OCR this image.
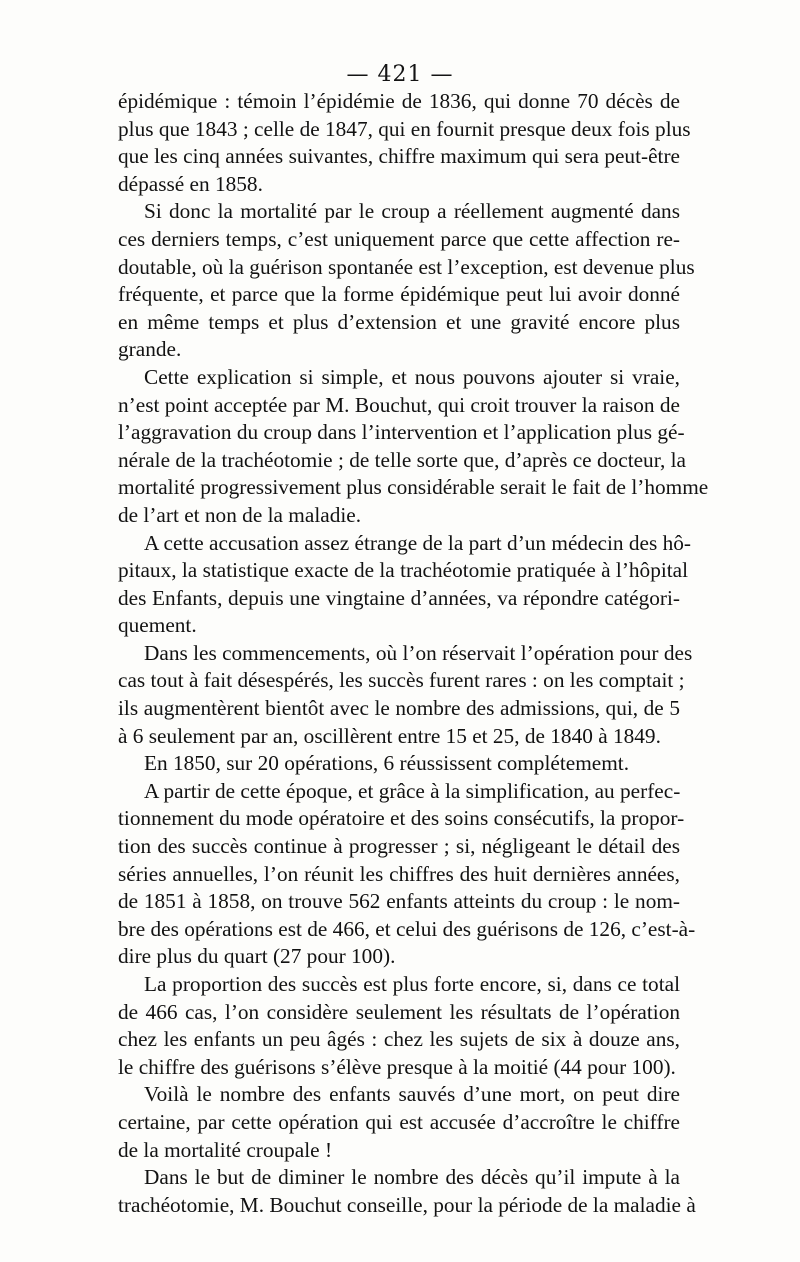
— 421 —
épidémique : témoin l’épidémie de 1836, qui donne 70 décès de
plus que 1843 ; celle de 1847, qui en fournit presque deux fois plus
que les cinq années suivantes, chiffre maximum qui sera peut-être
dépassé en 1858.
Si donc la mortalité par le croup a réellement augmenté dans
ces derniers temps, c’est uniquement parce que cette affection re-
doutable, où la guérison spontanée est l’exception, est devenue plus
fréquente, et parce que la forme épidémique peut lui avoir donné
en même temps et plus d’extension et une gravité encore plus
grande.
Cette explication si simple, et nous pouvons ajouter si vraie,
n’est point acceptée par M. Bouchut, qui croit trouver la raison de
l’aggravation du croup dans l’intervention et l’application plus gé-
nérale de la trachéotomie ; de telle sorte que, d’après ce docteur, la
mortalité progressivement plus considérable serait le fait de l’homme
de l’art et non de la maladie.
A cette accusation assez étrange de la part d’un médecin des hô-
pitaux, la statistique exacte de la trachéotomie pratiquée à l’hôpital
des Enfants, depuis une vingtaine d’années, va répondre catégori-
quement.
Dans les commencements, où l’on réservait l’opération pour des
cas tout à fait désespérés, les succès furent rares : on les comptait ;
ils augmentèrent bientôt avec le nombre des admissions, qui, de 5
à 6 seulement par an, oscillèrent entre 15 et 25, de 1840 à 1849.
En 1850, sur 20 opérations, 6 réussissent complétememt.
A partir de cette époque, et grâce à la simplification, au perfec-
tionnement du mode opératoire et des soins consécutifs, la propor-
tion des succès continue à progresser ; si, négligeant le détail des
séries annuelles, l’on réunit les chiffres des huit dernières années,
de 1851 à 1858, on trouve 562 enfants atteints du croup : le nom-
bre des opérations est de 466, et celui des guérisons de 126, c’est-à-
dire plus du quart (27 pour 100).
La proportion des succès est plus forte encore, si, dans ce total
de 466 cas, l’on considère seulement les résultats de l’opération
chez les enfants un peu âgés : chez les sujets de six à douze ans,
le chiffre des guérisons s’élève presque à la moitié (44 pour 100).
Voilà le nombre des enfants sauvés d’une mort, on peut dire
certaine, par cette opération qui est accusée d’accroître le chiffre
de la mortalité croupale !
Dans le but de diminer le nombre des décès qu’il impute à la
trachéotomie, M. Bouchut conseille, pour la période de la maladie à
